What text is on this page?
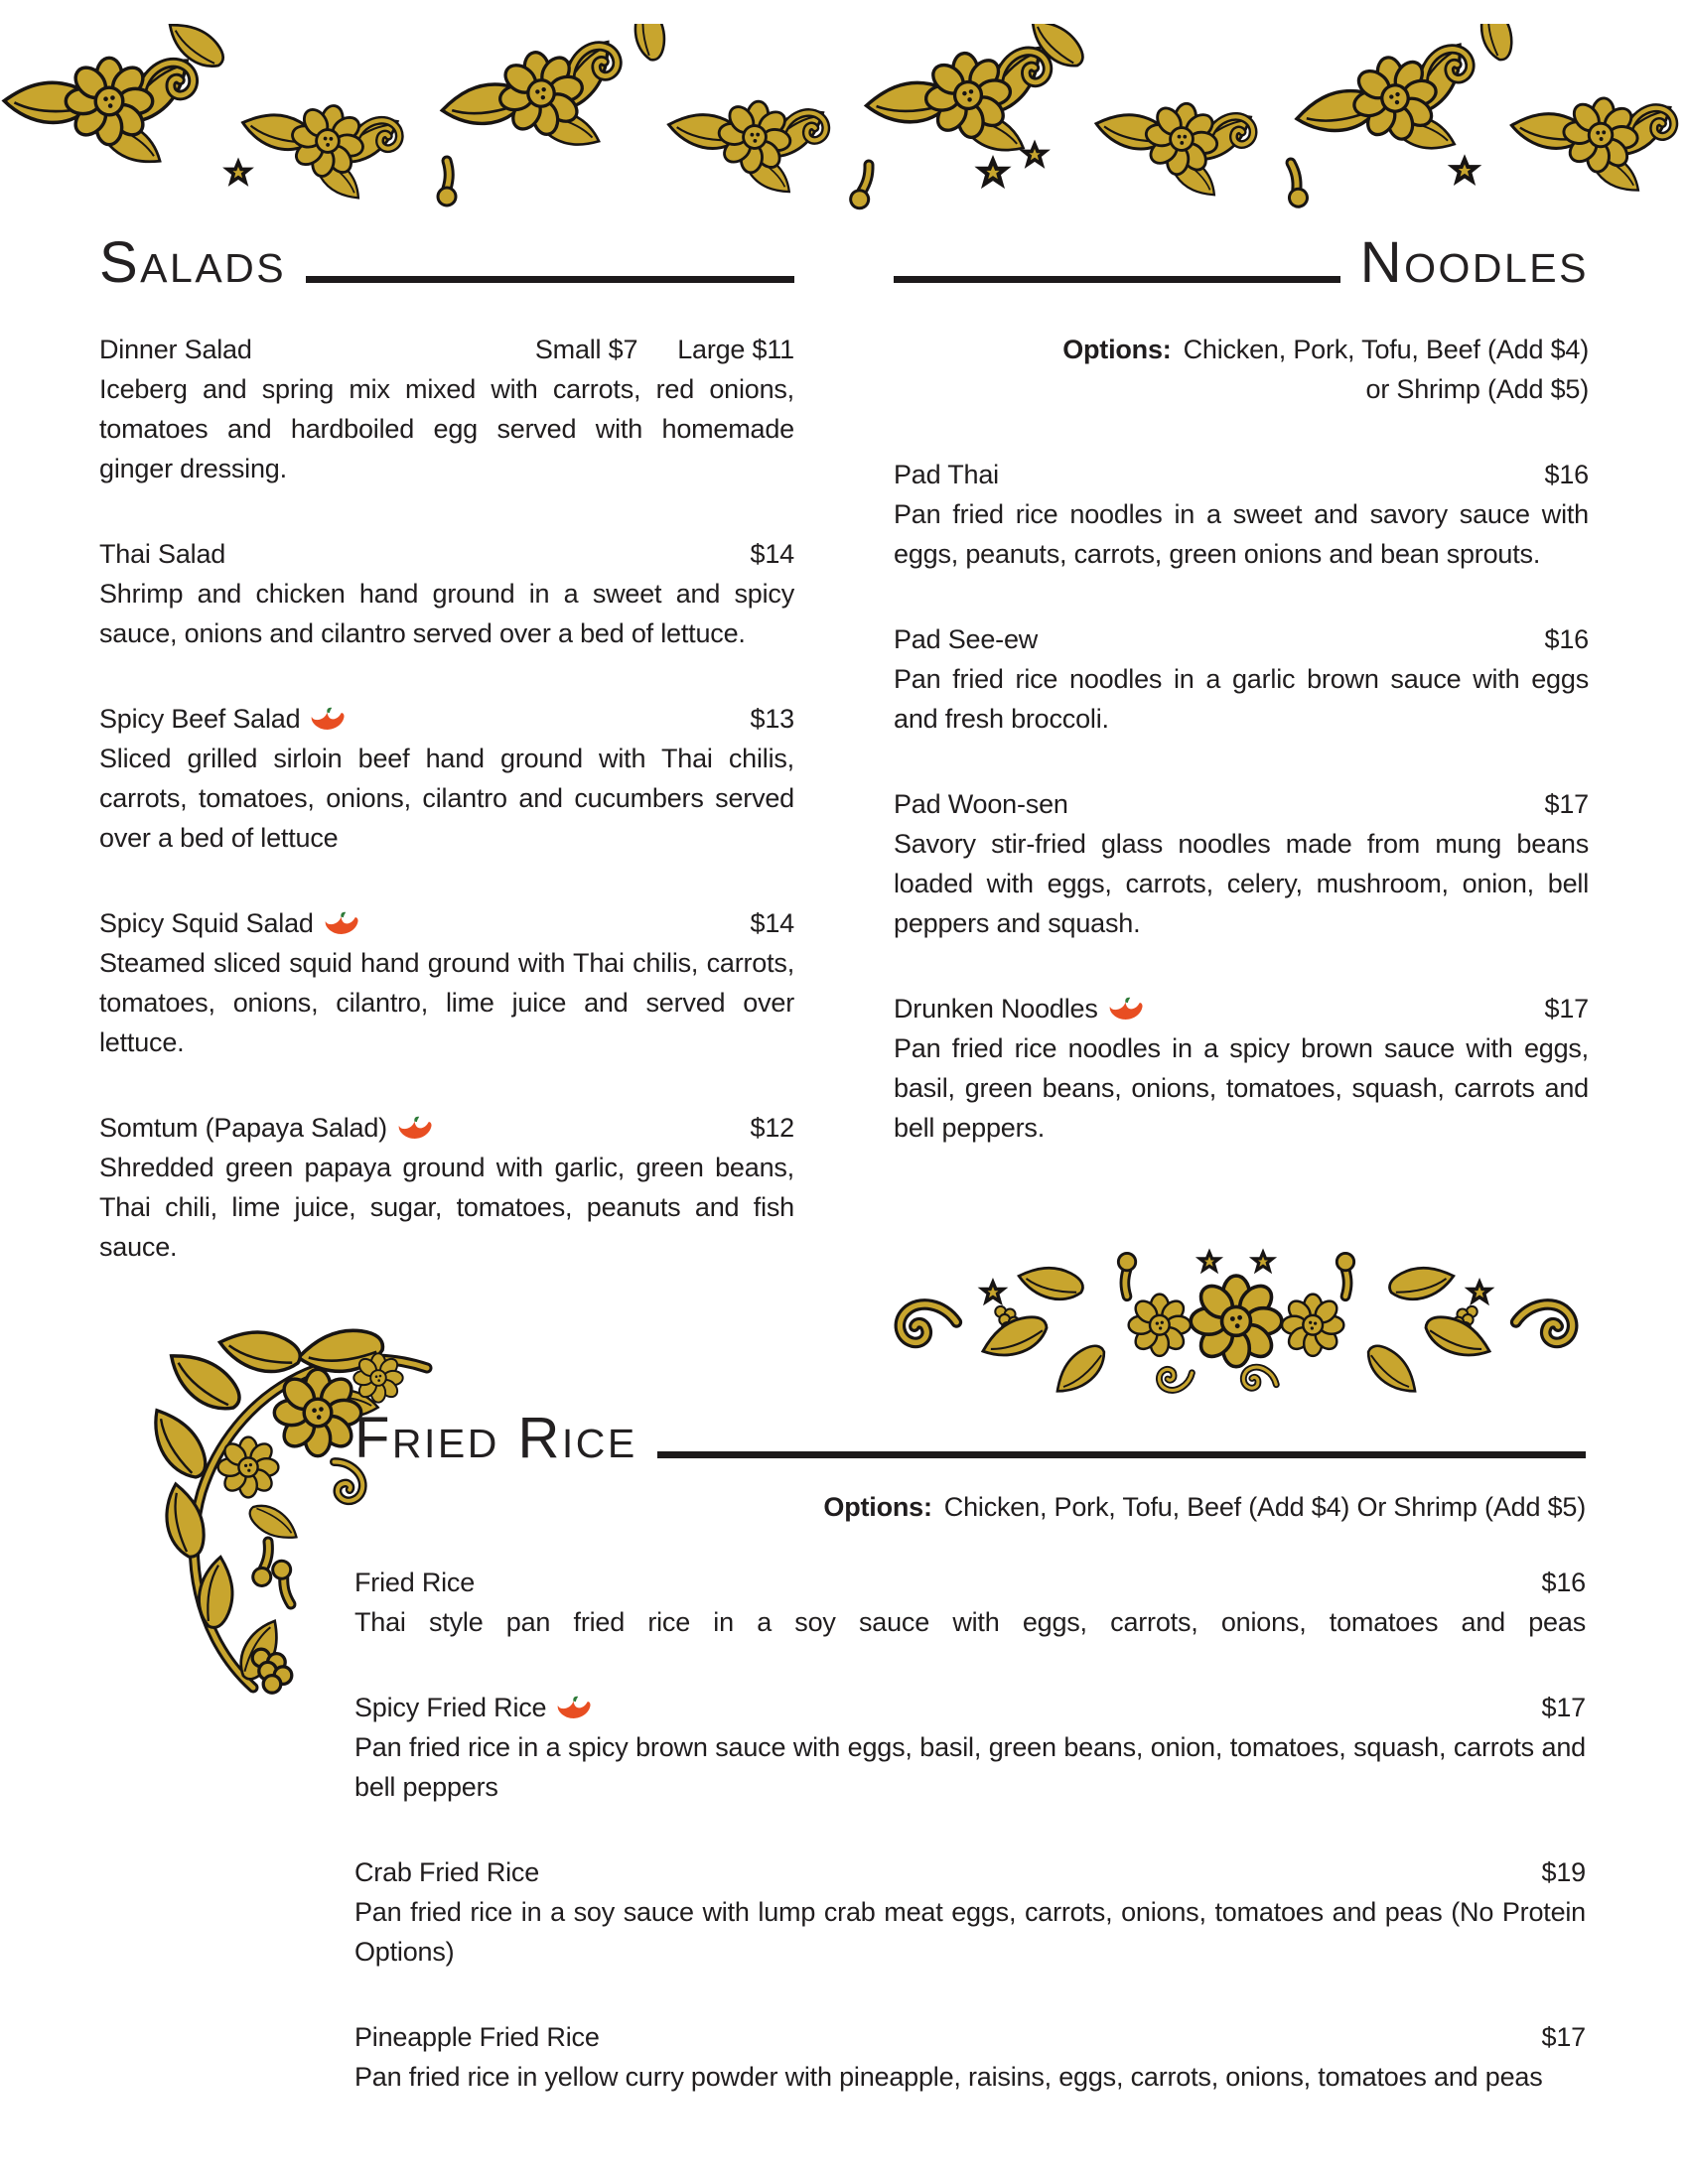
Salads
Dinner Salad	Small $7   Large $11

Iceberg and spring mix mixed with carrots, red onions, tomatoes and hardboiled egg served with homemade ginger dressing.

Thai Salad	$14

Shrimp and chicken hand ground in a sweet and spicy sauce, onions and cilantro served over a bed of lettuce.

Spicy Beef Salad	$13

Sliced grilled sirloin beef hand ground with Thai chilis, carrots, tomatoes, onions, cilantro and cucumbers served over a bed of lettuce

Spicy Squid Salad	$14

Steamed sliced squid hand ground with Thai chilis, carrots, tomatoes, onions, cilantro, lime juice and served over lettuce.

Somtum (Papaya Salad)	$12

Shredded green papaya ground with garlic, green beans, Thai chili, lime juice, sugar, tomatoes, peanuts and fish sauce.

Noodles

Options: Chicken, Pork, Tofu, Beef (Add $4)
or Shrimp (Add $5)

Pad Thai	$16

Pan fried rice noodles in a sweet and savory sauce with eggs, peanuts, carrots, green onions and bean sprouts.

Pad See-ew	$16

Pan fried rice noodles in a garlic brown sauce with eggs and fresh broccoli.

Pad Woon-sen	$17

Savory stir-fried glass noodles made from mung beans loaded with eggs, carrots, celery, mushroom, onion, bell peppers and squash.

Drunken Noodles	$17

Pan fried rice noodles in a spicy brown sauce with eggs, basil, green beans, onions, tomatoes, squash, carrots and bell peppers.

Fried Rice

Options: Chicken, Pork, Tofu, Beef (Add $4) Or Shrimp (Add $5)

Fried Rice	$16

Thai style pan fried rice in a soy sauce with eggs, carrots, onions, tomatoes and peas

Spicy Fried Rice	$17

Pan fried rice in a spicy brown sauce with eggs, basil, green beans, onion, tomatoes, squash, carrots and bell peppers

Crab Fried Rice	$19

Pan fried rice in a soy sauce with lump crab meat eggs, carrots, onions, tomatoes and peas (No Protein Options)

Pineapple Fried Rice	$17

Pan fried rice in yellow curry powder with pineapple, raisins, eggs, carrots, onions, tomatoes and peas
